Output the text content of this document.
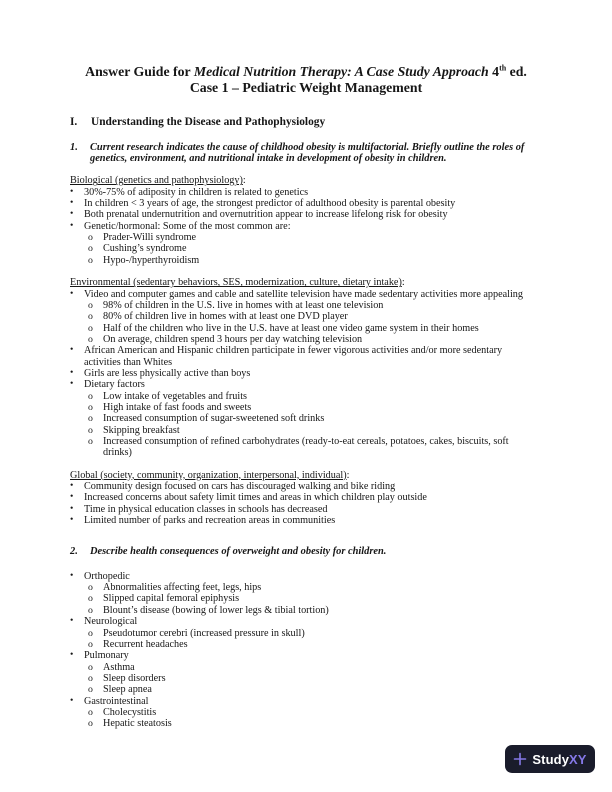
Answer Guide for Medical Nutrition Therapy: A Case Study Approach 4th ed.
Case 1 – Pediatric Weight Management
I.	Understanding the Disease and Pathophysiology
1.	Current research indicates the cause of childhood obesity is multifactorial. Briefly outline the roles of genetics, environment, and nutritional intake in development of obesity in children.
Biological (genetics and pathophysiology):
•	30%-75% of adiposity in children is related to genetics
•	In children < 3 years of age, the strongest predictor of adulthood obesity is parental obesity
•	Both prenatal undernutrition and overnutrition appear to increase lifelong risk for obesity
•	Genetic/hormonal: Some of the most common are:
o Prader-Willi syndrome
o Cushing’s syndrome
o Hypo-/hyperthyroidism
Environmental (sedentary behaviors, SES, modernization, culture, dietary intake):
•	Video and computer games and cable and satellite television have made sedentary activities more appealing
o 98% of children in the U.S. live in homes with at least one television
o 80% of children live in homes with at least one DVD player
o Half of the children who live in the U.S. have at least one video game system in their homes
o On average, children spend 3 hours per day watching television
•	African American and Hispanic children participate in fewer vigorous activities and/or more sedentary activities than Whites
•	Girls are less physically active than boys
•	Dietary factors
o Low intake of vegetables and fruits
o High intake of fast foods and sweets
o Increased consumption of sugar-sweetened soft drinks
o Skipping breakfast
o Increased consumption of refined carbohydrates (ready-to-eat cereals, potatoes, cakes, biscuits, soft drinks)
Global (society, community, organization, interpersonal, individual):
•	Community design focused on cars has discouraged walking and bike riding
•	Increased concerns about safety limit times and areas in which children play outside
•	Time in physical education classes in schools has decreased
•	Limited number of parks and recreation areas in communities
2.	Describe health consequences of overweight and obesity for children.
•	Orthopedic
o Abnormalities affecting feet, legs, hips
o Slipped capital femoral epiphysis
o Blount’s disease (bowing of lower legs & tibial tortion)
•	Neurological
o Pseudotumor cerebri (increased pressure in skull)
o Recurrent headaches
•	Pulmonary
o Asthma
o Sleep disorders
o Sleep apnea
•	Gastrointestinal
o Cholecystitis
o Hepatic steatosis
StudyXY
